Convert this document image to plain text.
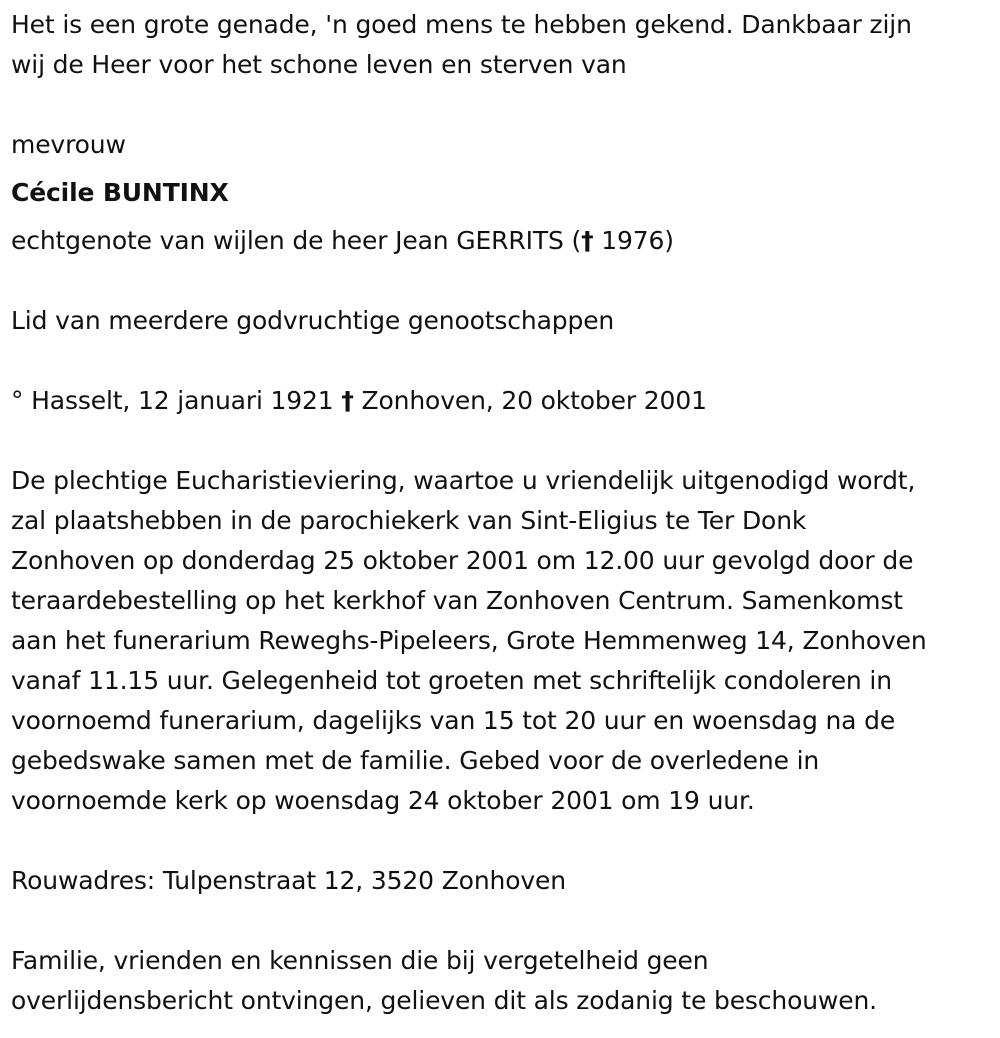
Het is een grote genade, 'n goed mens te hebben gekend. Dankbaar zijn
wij de Heer voor het schone leven en sterven van
mevrouw
Cécile BUNTINX
echtgenote van wijlen de heer Jean GERRITS († 1976)
Lid van meerdere godvruchtige genootschappen
° Hasselt, 12 januari 1921 † Zonhoven, 20 oktober 2001
De plechtige Eucharistieviering, waartoe u vriendelijk uitgenodigd wordt,
zal plaatshebben in de parochiekerk van Sint-Eligius te Ter Donk
Zonhoven op donderdag 25 oktober 2001 om 12.00 uur gevolgd door de
teraardebestelling op het kerkhof van Zonhoven Centrum. Samenkomst
aan het funerarium Reweghs-Pipeleers, Grote Hemmenweg 14, Zonhoven
vanaf 11.15 uur. Gelegenheid tot groeten met schriftelijk condoleren in
voornoemd funerarium, dagelijks van 15 tot 20 uur en woensdag na de
gebedswake samen met de familie. Gebed voor de overledene in
voornoemde kerk op woensdag 24 oktober 2001 om 19 uur.
Rouwadres: Tulpenstraat 12, 3520 Zonhoven
Familie, vrienden en kennissen die bij vergetelheid geen
overlijdensbericht ontvingen, gelieven dit als zodanig te beschouwen.
